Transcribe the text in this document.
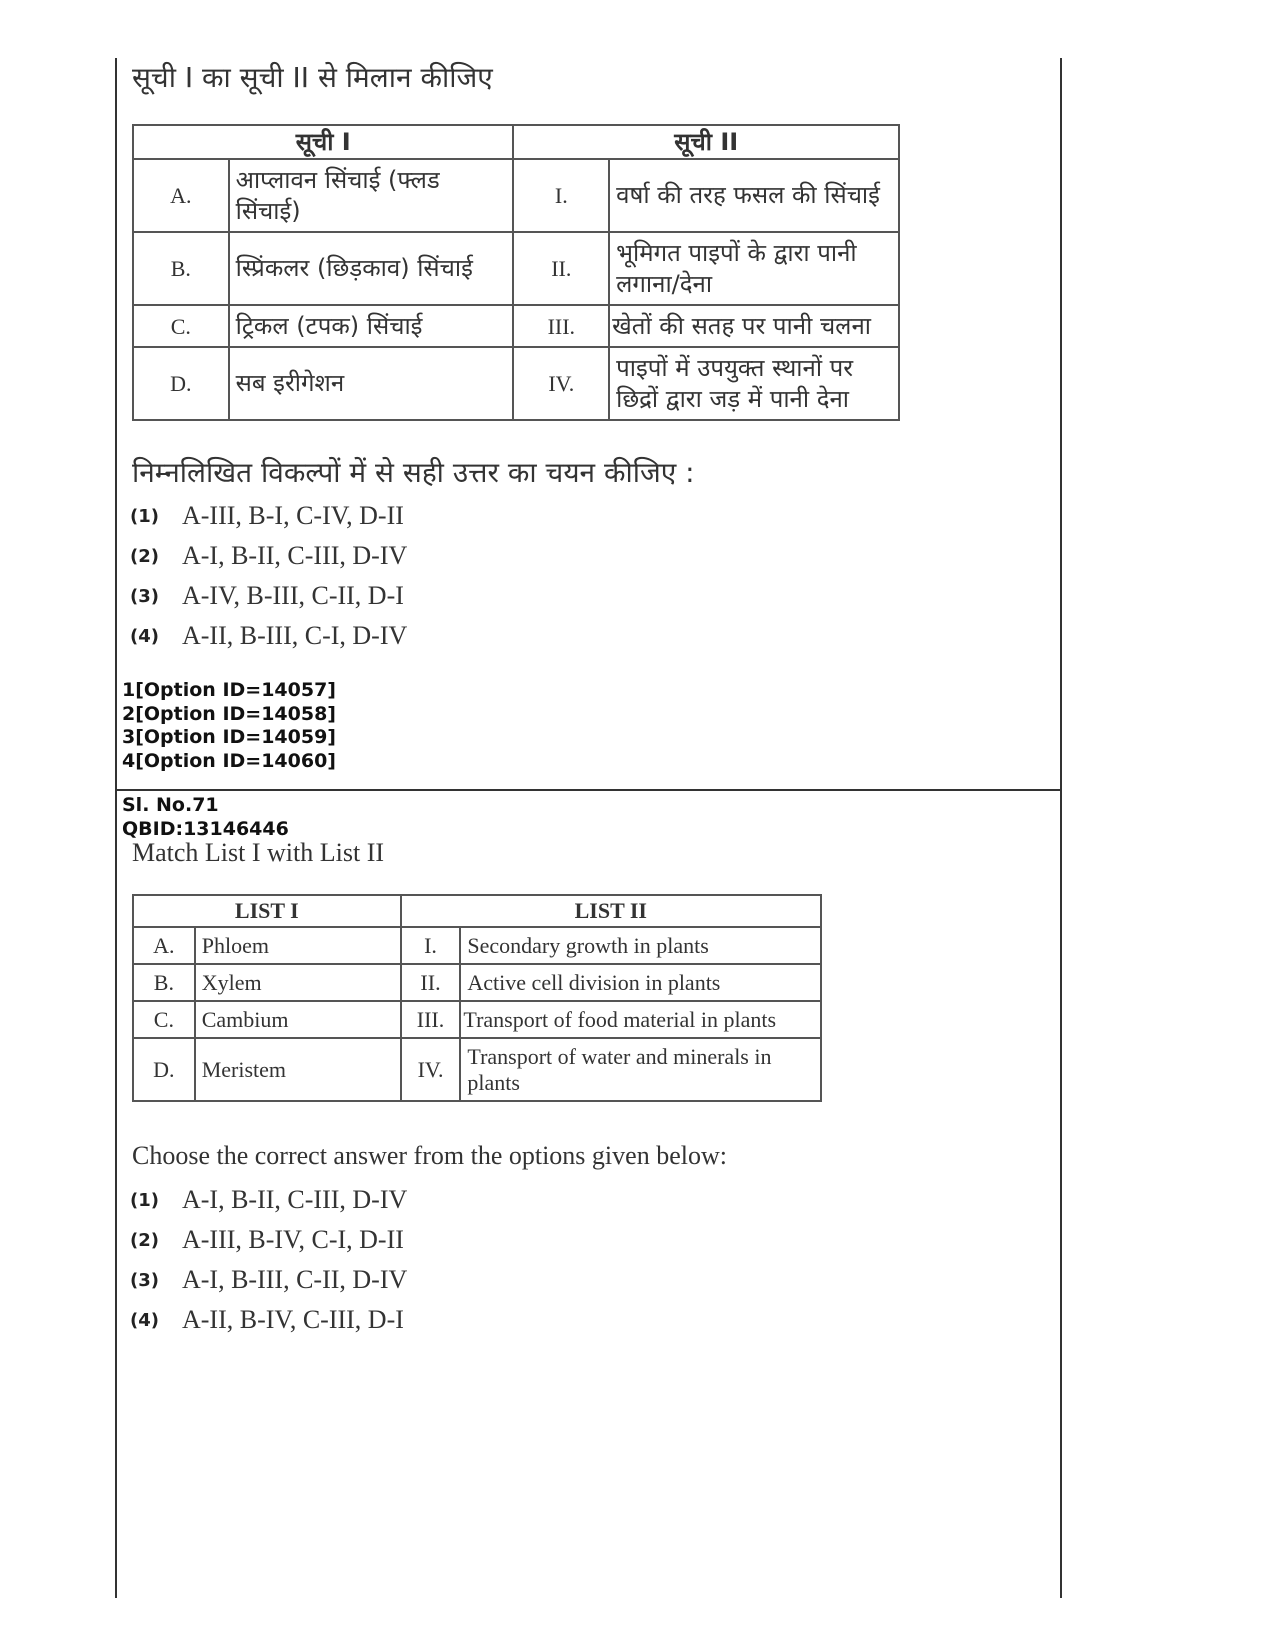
सूची I का सूची II से मिलान कीजिए
सूची I		सूची II	
A.	आप्लावन सिंचाई (फ्लड सिंचाई)	I.	वर्षा की तरह फसल की सिंचाई
B.	स्प्रिंकलर (छिड़काव) सिंचाई	II.	भूमिगत पाइपों के द्वारा पानी लगाना/देना
C.	ट्रिकल (टपक) सिंचाई	III.	खेतों की सतह पर पानी चलना
D.	सब इरीगेशन	IV.	पाइपों में उपयुक्त स्थानों पर छिद्रों द्वारा जड़ में पानी देना
निम्नलिखित विकल्पों में से सही उत्तर का चयन कीजिए :
(1) A-III, B-I, C-IV, D-II
(2) A-I, B-II, C-III, D-IV
(3) A-IV, B-III, C-II, D-I
(4) A-II, B-III, C-I, D-IV
1[Option ID=14057]
2[Option ID=14058]
3[Option ID=14059]
4[Option ID=14060]
Sl. No.71
QBID:13146446
Match List I with List II
LIST I		LIST II	
A.	Phloem	I.	Secondary growth in plants
B.	Xylem	II.	Active cell division in plants
C.	Cambium	III.	Transport of food material in plants
D.	Meristem	IV.	Transport of water and minerals in plants
Choose the correct answer from the options given below:
(1) A-I, B-II, C-III, D-IV
(2) A-III, B-IV, C-I, D-II
(3) A-I, B-III, C-II, D-IV
(4) A-II, B-IV, C-III, D-I
